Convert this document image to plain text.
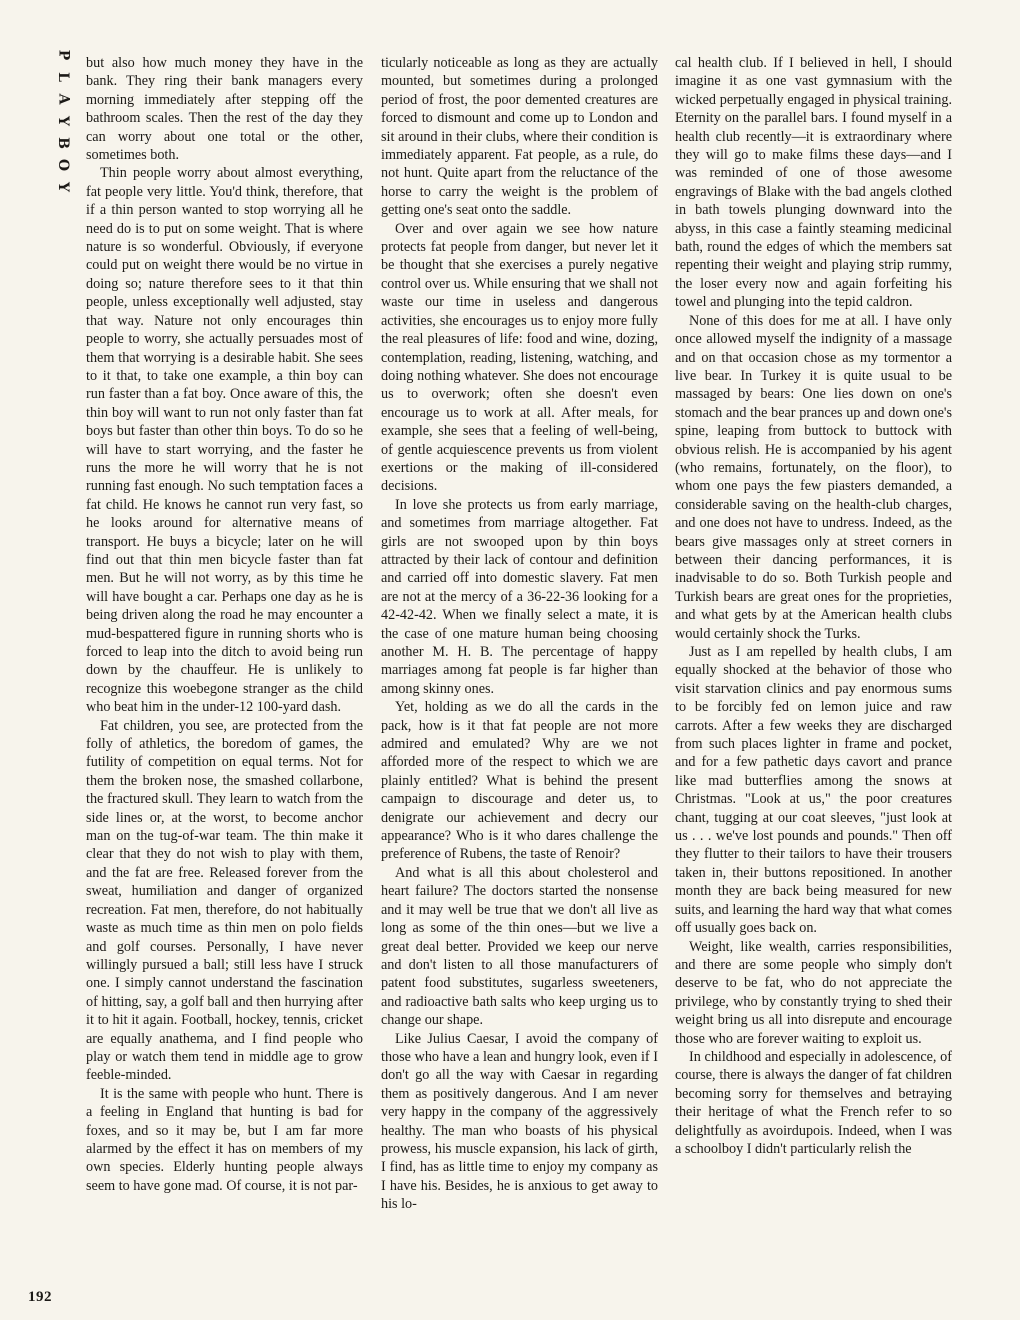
P
L
A
Y
B
O
Y
192

but also how much money they have in the bank. They ring their bank managers every morning immediately after stepping off the bathroom scales. Then the rest of the day they can worry about one total or the other, sometimes both.

Thin people worry about almost everything, fat people very little. You'd think, therefore, that if a thin person wanted to stop worrying all he need do is to put on some weight. That is where nature is so wonderful. Obviously, if everyone could put on weight there would be no virtue in doing so; nature therefore sees to it that thin people, unless exceptionally well adjusted, stay that way. Nature not only encourages thin people to worry, she actually persuades most of them that worrying is a desirable habit. She sees to it that, to take one example, a thin boy can run faster than a fat boy. Once aware of this, the thin boy will want to run not only faster than fat boys but faster than other thin boys. To do so he will have to start worrying, and the faster he runs the more he will worry that he is not running fast enough. No such temptation faces a fat child. He knows he cannot run very fast, so he looks around for alternative means of transport. He buys a bicycle; later on he will find out that thin men bicycle faster than fat men. But he will not worry, as by this time he will have bought a car. Perhaps one day as he is being driven along the road he may encounter a mud-bespattered figure in running shorts who is forced to leap into the ditch to avoid being run down by the chauffeur. He is unlikely to recognize this woebegone stranger as the child who beat him in the under-12 100-yard dash.

Fat children, you see, are protected from the folly of athletics, the boredom of games, the futility of competition on equal terms. Not for them the broken nose, the smashed collarbone, the fractured skull. They learn to watch from the side lines or, at the worst, to become anchor man on the tug-of-war team. The thin make it clear that they do not wish to play with them, and the fat are free. Released forever from the sweat, humiliation and danger of organized recreation. Fat men, therefore, do not habitually waste as much time as thin men on polo fields and golf courses. Personally, I have never willingly pursued a ball; still less have I struck one. I simply cannot understand the fascination of hitting, say, a golf ball and then hurrying after it to hit it again. Football, hockey, tennis, cricket are equally anathema, and I find people who play or watch them tend in middle age to grow feeble-minded.

It is the same with people who hunt. There is a feeling in England that hunting is bad for foxes, and so it may be, but I am far more alarmed by the effect it has on members of my own species. Elderly hunting people always seem to have gone mad. Of course, it is not par-

ticularly noticeable as long as they are actually mounted, but sometimes during a prolonged period of frost, the poor demented creatures are forced to dismount and come up to London and sit around in their clubs, where their condition is immediately apparent. Fat people, as a rule, do not hunt. Quite apart from the reluctance of the horse to carry the weight is the problem of getting one's seat onto the saddle.

Over and over again we see how nature protects fat people from danger, but never let it be thought that she exercises a purely negative control over us. While ensuring that we shall not waste our time in useless and dangerous activities, she encourages us to enjoy more fully the real pleasures of life: food and wine, dozing, contemplation, reading, listening, watching, and doing nothing whatever. She does not encourage us to overwork; often she doesn't even encourage us to work at all. After meals, for example, she sees that a feeling of well-being, of gentle acquiescence prevents us from violent exertions or the making of ill-considered decisions.

In love she protects us from early marriage, and sometimes from marriage altogether. Fat girls are not swooped upon by thin boys attracted by their lack of contour and definition and carried off into domestic slavery. Fat men are not at the mercy of a 36-22-36 looking for a 42-42-42. When we finally select a mate, it is the case of one mature human being choosing another M. H. B. The percentage of happy marriages among fat people is far higher than among skinny ones.

Yet, holding as we do all the cards in the pack, how is it that fat people are not more admired and emulated? Why are we not afforded more of the respect to which we are plainly entitled? What is behind the present campaign to discourage and deter us, to denigrate our achievement and decry our appearance? Who is it who dares challenge the preference of Rubens, the taste of Renoir?

And what is all this about cholesterol and heart failure? The doctors started the nonsense and it may well be true that we don't all live as long as some of the thin ones—but we live a great deal better. Provided we keep our nerve and don't listen to all those manufacturers of patent food substitutes, sugarless sweeteners, and radioactive bath salts who keep urging us to change our shape.

Like Julius Caesar, I avoid the company of those who have a lean and hungry look, even if I don't go all the way with Caesar in regarding them as positively dangerous. And I am never very happy in the company of the aggressively healthy. The man who boasts of his physical prowess, his muscle expansion, his lack of girth, I find, has as little time to enjoy my company as I have his. Besides, he is anxious to get away to his lo-

cal health club. If I believed in hell, I should imagine it as one vast gymnasium with the wicked perpetually engaged in physical training. Eternity on the parallel bars. I found myself in a health club recently—it is extraordinary where they will go to make films these days—and I was reminded of one of those awesome engravings of Blake with the bad angels clothed in bath towels plunging downward into the abyss, in this case a faintly steaming medicinal bath, round the edges of which the members sat repenting their weight and playing strip rummy, the loser every now and again forfeiting his towel and plunging into the tepid caldron.

None of this does for me at all. I have only once allowed myself the indignity of a massage and on that occasion chose as my tormentor a live bear. In Turkey it is quite usual to be massaged by bears: One lies down on one's stomach and the bear prances up and down one's spine, leaping from buttock to buttock with obvious relish. He is accompanied by his agent (who remains, fortunately, on the floor), to whom one pays the few piasters demanded, a considerable saving on the health-club charges, and one does not have to undress. Indeed, as the bears give massages only at street corners in between their dancing performances, it is inadvisable to do so. Both Turkish people and Turkish bears are great ones for the proprieties, and what gets by at the American health clubs would certainly shock the Turks.

Just as I am repelled by health clubs, I am equally shocked at the behavior of those who visit starvation clinics and pay enormous sums to be forcibly fed on lemon juice and raw carrots. After a few weeks they are discharged from such places lighter in frame and pocket, and for a few pathetic days cavort and prance like mad butterflies among the snows at Christmas. "Look at us," the poor creatures chant, tugging at our coat sleeves, "just look at us . . . we've lost pounds and pounds." Then off they flutter to their tailors to have their trousers taken in, their buttons repositioned. In another month they are back being measured for new suits, and learning the hard way that what comes off usually goes back on.

Weight, like wealth, carries responsibilities, and there are some people who simply don't deserve to be fat, who do not appreciate the privilege, who by constantly trying to shed their weight bring us all into disrepute and encourage those who are forever waiting to exploit us.

In childhood and especially in adolescence, of course, there is always the danger of fat children becoming sorry for themselves and betraying their heritage of what the French refer to so delightfully as avoirdupois. Indeed, when I was a schoolboy I didn't particularly relish the
